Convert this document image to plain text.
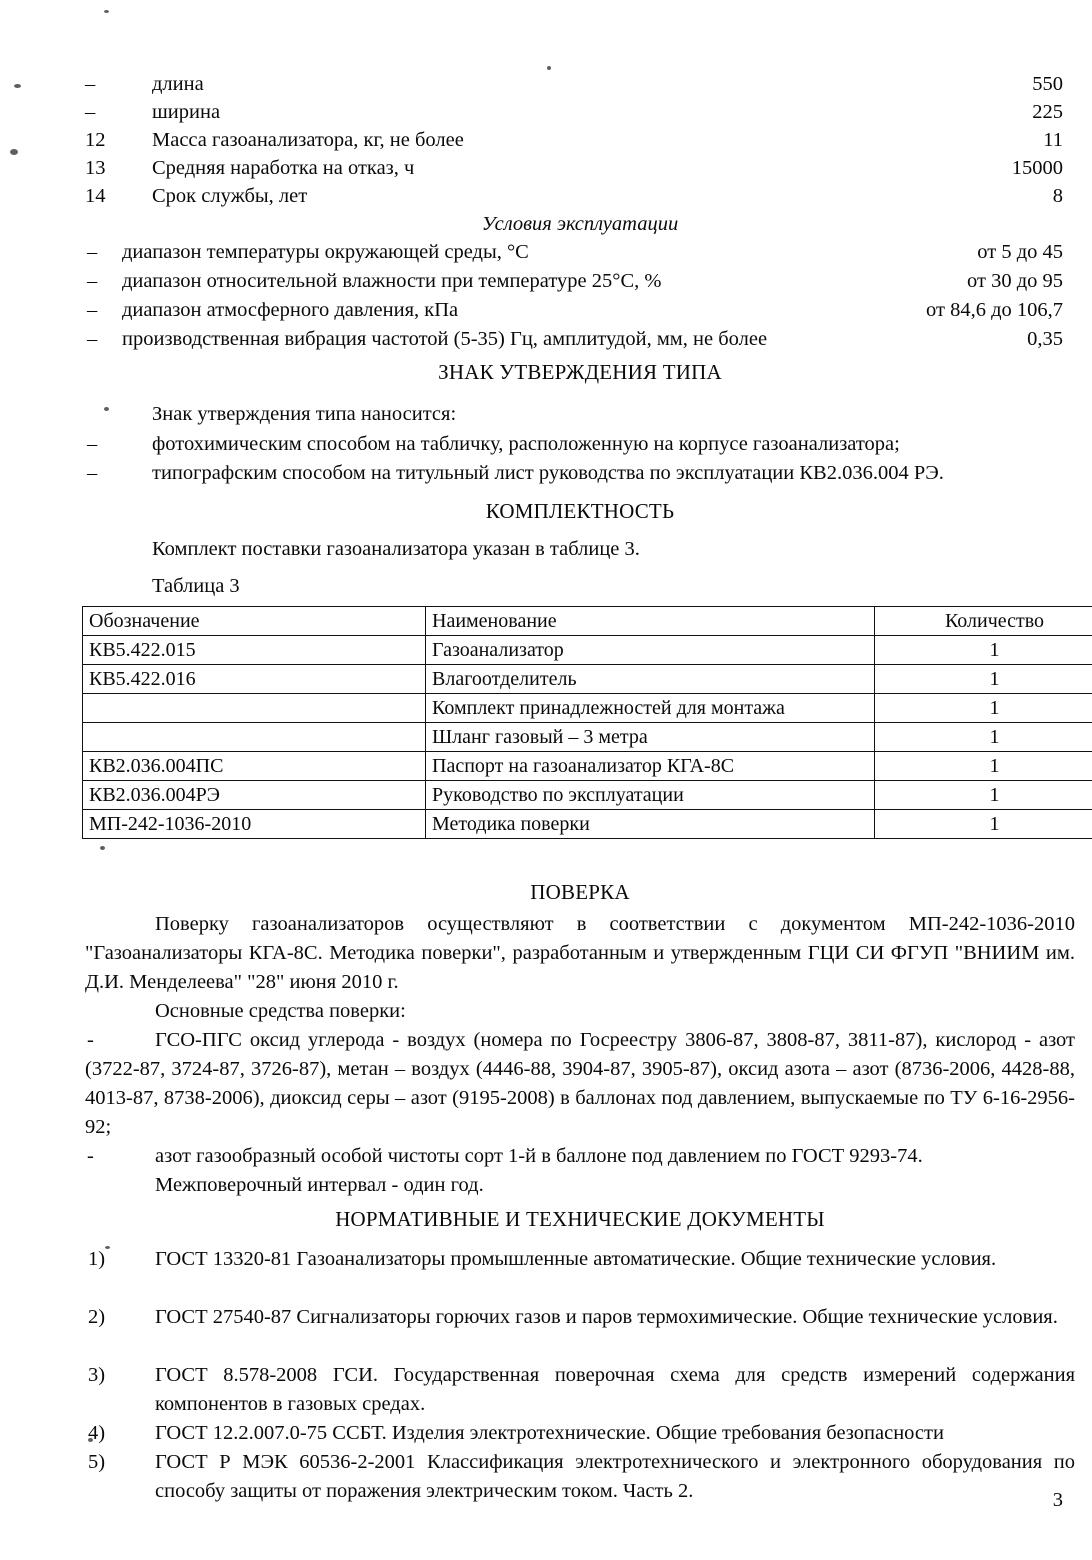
–	длина	550
–	ширина	225
12	Масса газоанализатора, кг, не более	11
13	Средняя наработка на отказ, ч	15000
14	Срок службы, лет	8
Условия эксплуатации
– диапазон температуры окружающей среды, °C	от 5 до 45
– диапазон относительной влажности при температуре 25°C, %	от 30 до 95
– диапазон атмосферного давления, кПа	от 84,6 до 106,7
– производственная вибрация частотой (5-35) Гц, амплитудой, мм, не более	0,35
ЗНАК УТВЕРЖДЕНИЯ ТИПА
Знак утверждения типа наносится:
–	фотохимическим способом на табличку, расположенную на корпусе газоанализатора;
–	типографским способом на титульный лист руководства по эксплуатации КВ2.036.004 РЭ.
КОМПЛЕКТНОСТЬ
Комплект поставки газоанализатора указан в таблице 3.
Таблица 3
Обозначение	Наименование	Количество
КВ5.422.015	Газоанализатор	1
КВ5.422.016	Влагоотделитель	1
	Комплект принадлежностей для монтажа	1
	Шланг газовый – 3 метра	1
КВ2.036.004ПС	Паспорт на газоанализатор КГА-8С	1
КВ2.036.004РЭ	Руководство по эксплуатации	1
МП-242-1036-2010	Методика поверки	1
ПОВЕРКА
Поверку газоанализаторов осуществляют в соответствии с документом МП-242-1036-2010 "Газоанализаторы КГА-8С. Методика поверки", разработанным и утвержденным ГЦИ СИ ФГУП "ВНИИМ им. Д.И. Менделеева" "28" июня 2010 г.
Основные средства поверки:
-	ГСО-ПГС оксид углерода - воздух (номера по Госреестру 3806-87, 3808-87, 3811-87), кислород - азот (3722-87, 3724-87, 3726-87), метан – воздух (4446-88, 3904-87, 3905-87), оксид азота – азот (8736-2006, 4428-88, 4013-87, 8738-2006), диоксид серы – азот (9195-2008) в баллонах под давлением, выпускаемые по ТУ 6-16-2956-92;
-	азот газообразный особой чистоты сорт 1-й в баллоне под давлением по ГОСТ 9293-74.
Межповерочный интервал - один год.
НОРМАТИВНЫЕ И ТЕХНИЧЕСКИЕ ДОКУМЕНТЫ
1)	ГОСТ 13320-81 Газоанализаторы промышленные автоматические. Общие технические условия.
2)	ГОСТ 27540-87 Сигнализаторы горючих газов и паров термохимические. Общие технические условия.
3)	ГОСТ 8.578-2008 ГСИ. Государственная поверочная схема для средств измерений содержания компонентов в газовых средах.
4)	ГОСТ 12.2.007.0-75 ССБТ. Изделия электротехнические. Общие требования безопасности
5)	ГОСТ Р МЭК 60536-2-2001 Классификация электротехнического и электронного оборудования по способу защиты от поражения электрическим током. Часть 2.	3
